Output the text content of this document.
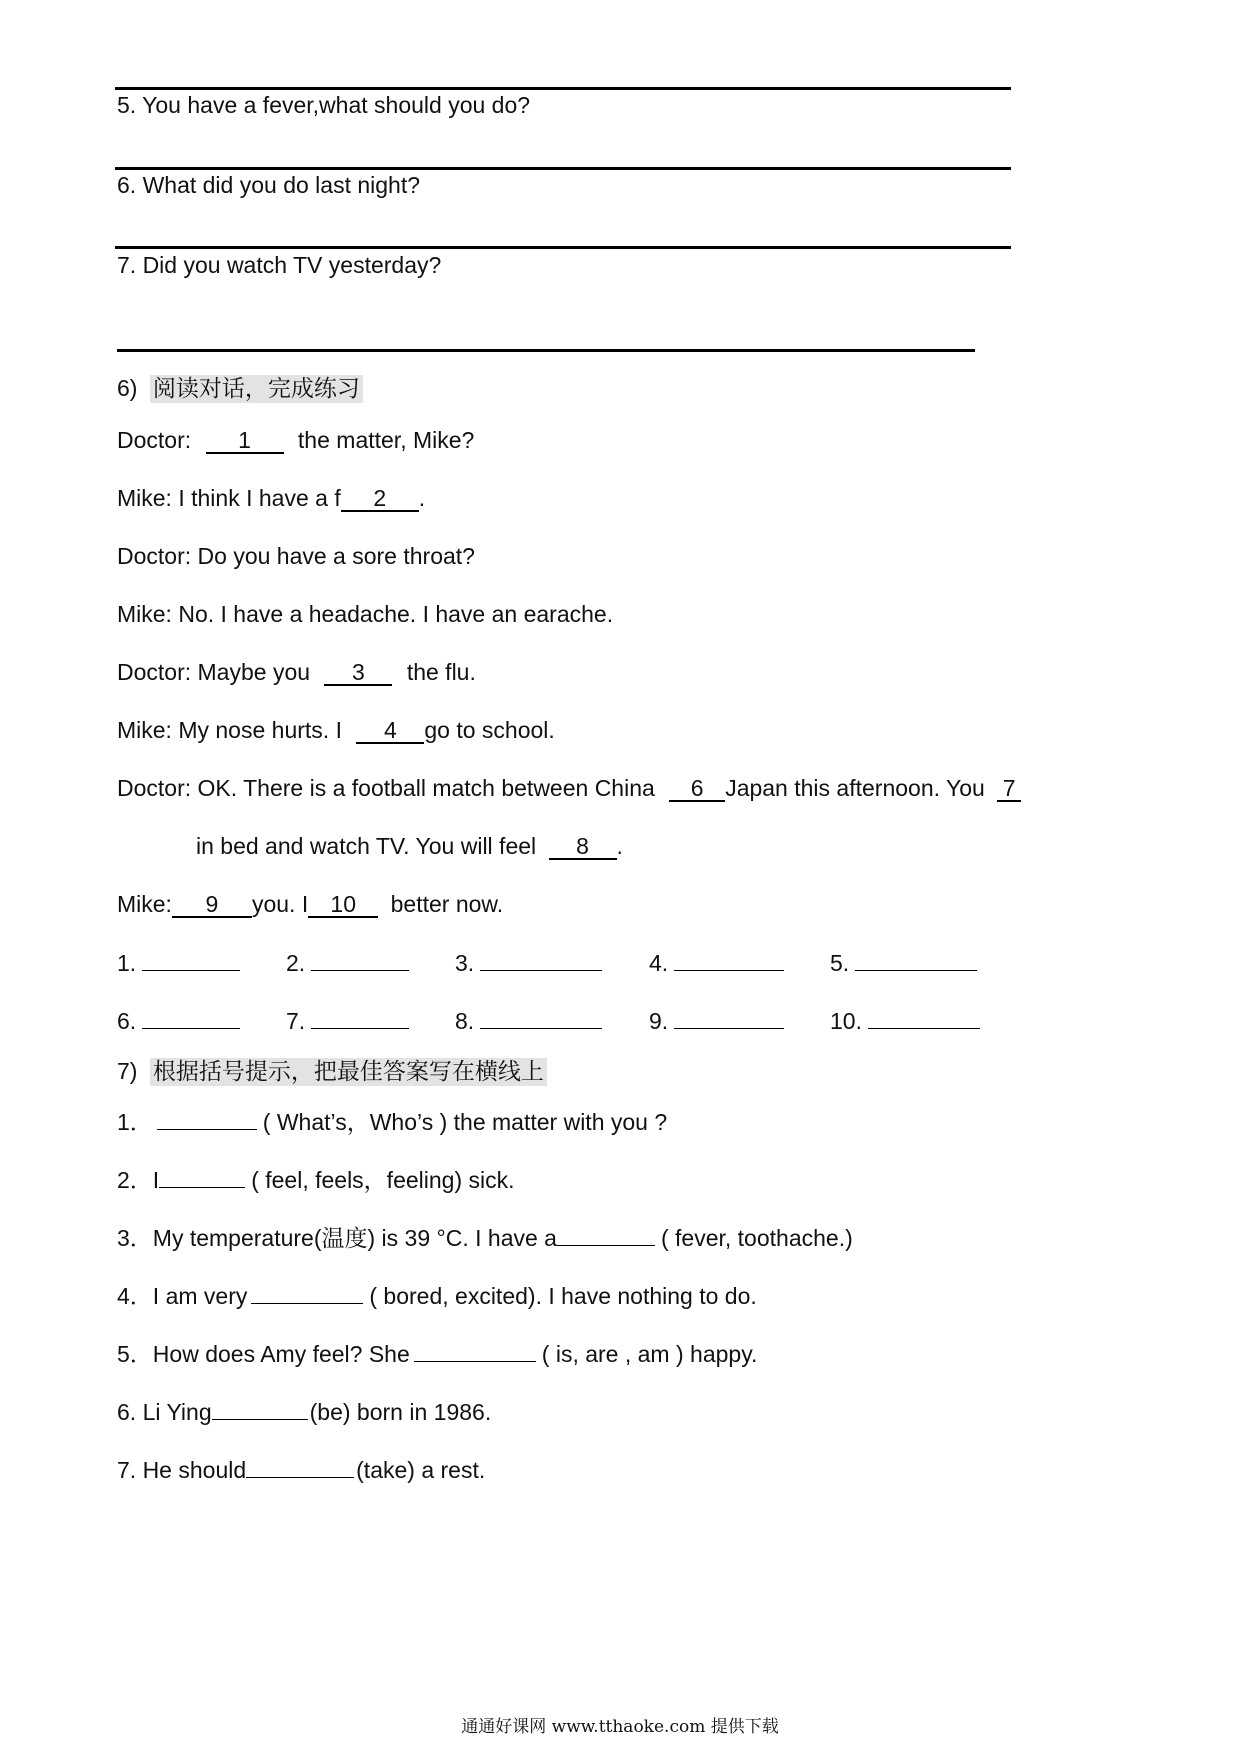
5. You have a fever,what should you do?
6. What did you do last night?
7. Did you watch TV yesterday?
6) 阅读对话，完成练习
Doctor: 1 the matter, Mike?
Mike: I think I have a f 2 .
Doctor: Do you have a sore throat?
Mike: No. I have a headache. I have an earache.
Doctor: Maybe you 3 the flu.
Mike: My nose hurts. I 4 go to school.
Doctor: OK. There is a football match between China 6 Japan this afternoon. You 7
in bed and watch TV. You will feel 8 .
Mike: 9 you. I 10 better now.
1.	2.	3.	4.	5.
6.	7.	8.	9.	10.
7) 根据括号提示，把最佳答案写在横线上
1．	( What’s，Who’s ) the matter with you ?
2．I	( feel, feels，feeling) sick.
3．My temperature(温度) is 39 °C. I have a	( fever, toothache.)
4．I am very	( bored, excited). I have nothing to do.
5．How does Amy feel? She	( is, are , am ) happy.
6. Li Ying	(be) born in 1986.
7. He should	(take) a rest.
通通好课网 www.tthaoke.com 提供下载
